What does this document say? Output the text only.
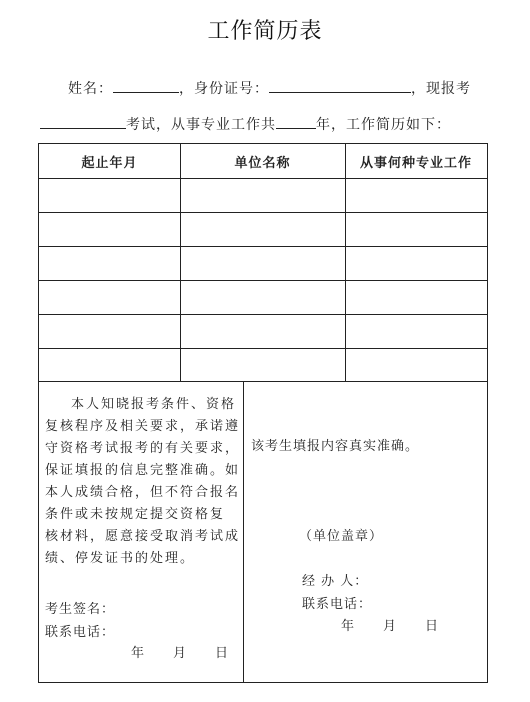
工作简历表
姓名：	，身份证号：	，现报考
考试，从事专业工作共	年，工作简历如下：
起止年月	单位名称	从事何种专业工作
本人知晓报考条件、资格
复核程序及相关要求，承诺遵
守资格考试报考的有关要求，
保证填报的信息完整准确。如
本人成绩合格，但不符合报名
条件或未按规定提交资格复
核材料，愿意接受取消考试成
绩、停发证书的处理。
考生签名：
联系电话：
年　　月　　日
该考生填报内容真实准确。
（单位盖章）
经 办 人：
联系电话：
年　　月　　日
